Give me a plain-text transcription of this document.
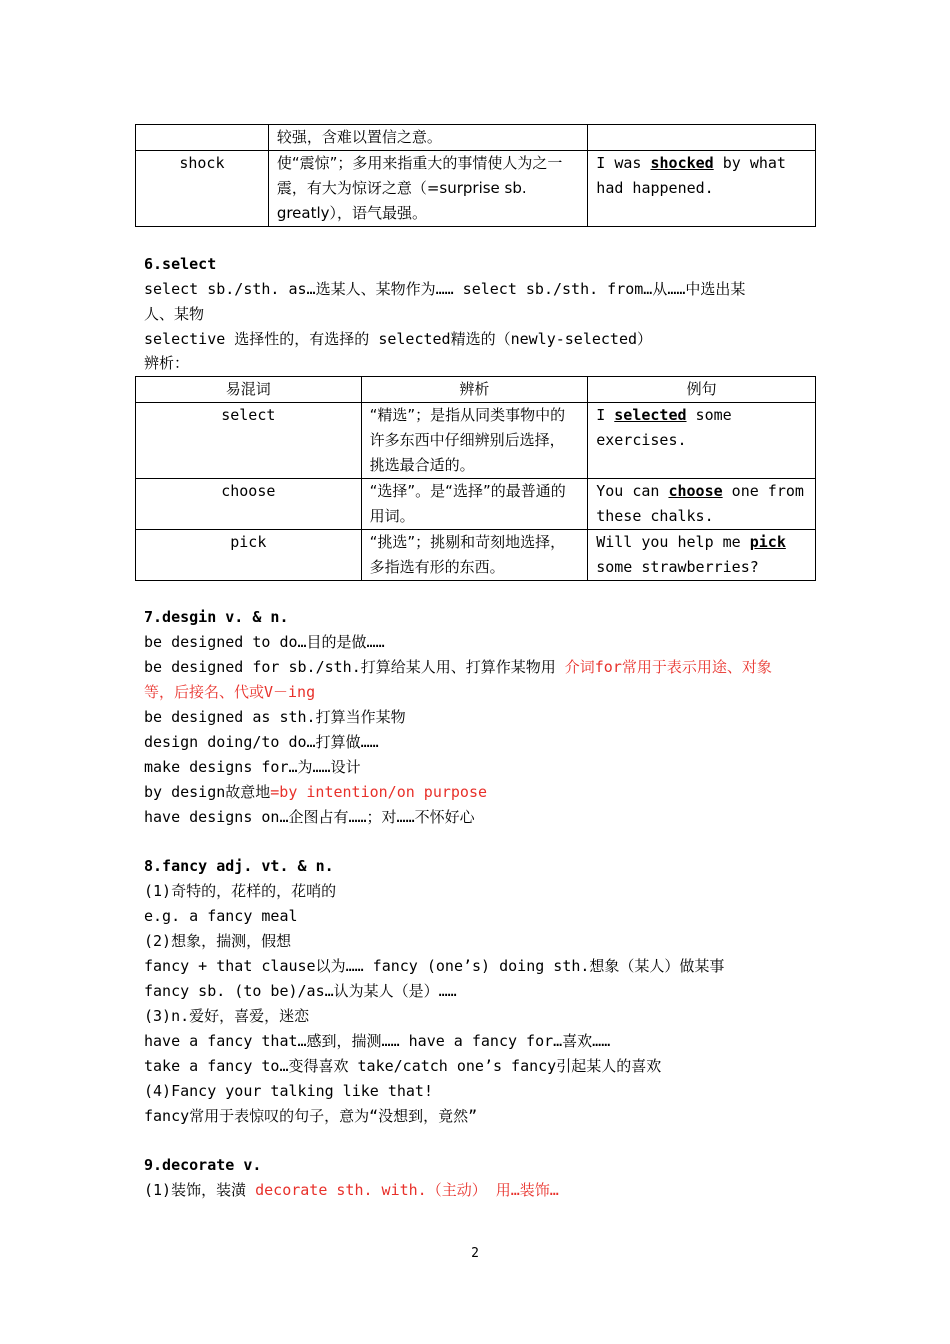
	较强，含难以置信之意。	
shock	使“震惊”；多用来指重大的事情使人为之一震，有大为惊讶之意（=surprise sb. greatly），语气最强。	I was shocked by what had happened.
6.select
select sb./sth. as…选某人、某物作为…… select sb./sth. from…从……中选出某
人、某物
selective 选择性的，有选择的 selected精选的（newly-selected）
辨析：
易混词	辨析	例句
select	“精选”；是指从同类事物中的许多东西中仔细辨别后选择，挑选最合适的。	I selected some exercises.
choose	“选择”。是“选择”的最普通的用词。	You can choose one from these chalks.
pick	“挑选”；挑剔和苛刻地选择，多指选有形的东西。	Will you help me pick some strawberries?
7.desgin v. & n.
be designed to do…目的是做……
be designed for sb./sth.打算给某人用、打算作某物用 介词for常用于表示用途、对象
等，后接名、代或V－ing
be designed as sth.打算当作某物
design doing/to do…打算做……
make designs for…为……设计
by design故意地=by intention/on purpose
have designs on…企图占有……；对……不怀好心
8.fancy adj. vt. & n.
(1)奇特的，花样的，花哨的
e.g. a fancy meal
(2)想象，揣测，假想
fancy + that clause以为…… fancy (one’s) doing sth.想象（某人）做某事
fancy sb. (to be)/as…认为某人（是）……
(3)n.爱好，喜爱，迷恋
have a fancy that…感到，揣测…… have a fancy for…喜欢……
take a fancy to…变得喜欢 take/catch one’s fancy引起某人的喜欢
(4)Fancy your talking like that!
fancy常用于表惊叹的句子，意为“没想到，竟然”
9.decorate v.
(1)装饰，装潢 decorate sth. with.（主动） 用…装饰…
2
